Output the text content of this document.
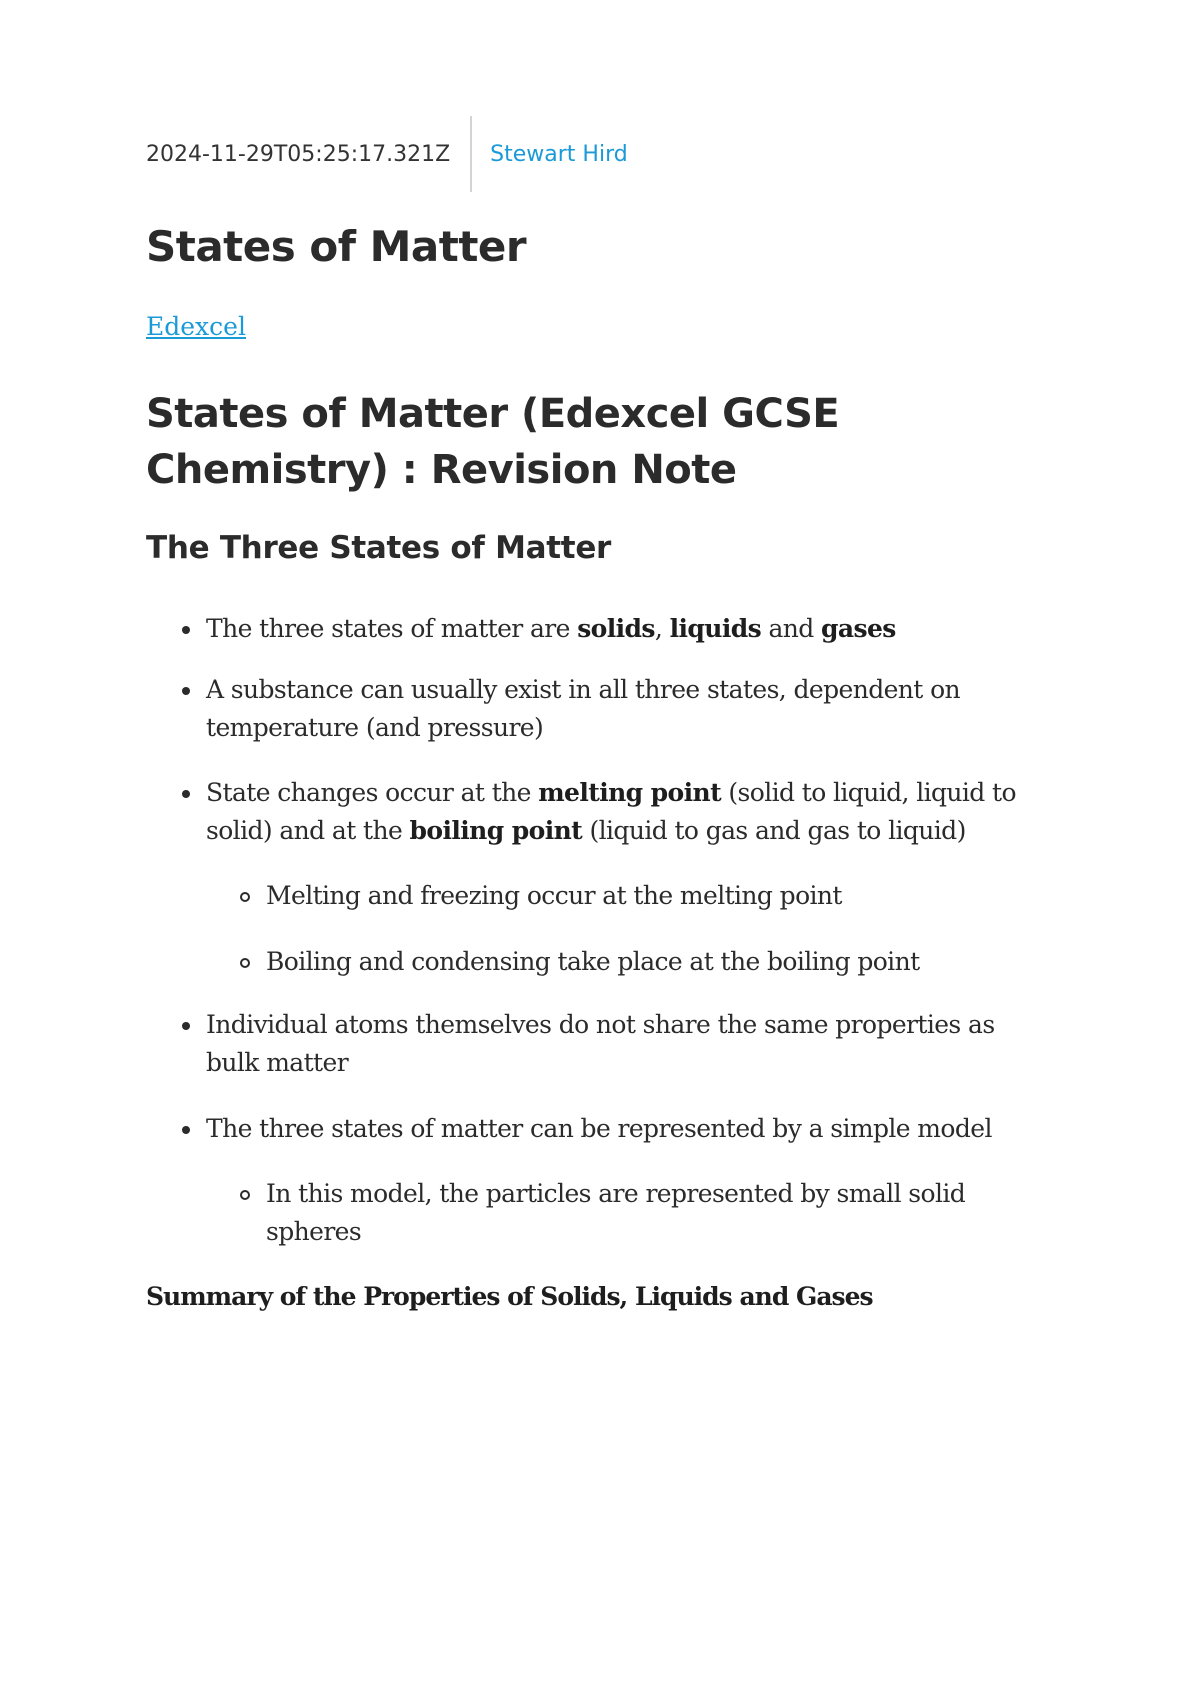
2024-11-29T05:25:17.321Z	Stewart Hird
States of Matter
Edexcel
States of Matter (Edexcel GCSE Chemistry) : Revision Note
The Three States of Matter
The three states of matter are solids, liquids and gases
A substance can usually exist in all three states, dependent on
temperature (and pressure)
State changes occur at the melting point (solid to liquid, liquid to
solid) and at the boiling point (liquid to gas and gas to liquid)
Melting and freezing occur at the melting point
Boiling and condensing take place at the boiling point
Individual atoms themselves do not share the same properties as
bulk matter
The three states of matter can be represented by a simple model
In this model, the particles are represented by small solid
spheres

Summary of the Properties of Solids, Liquids and Gases
